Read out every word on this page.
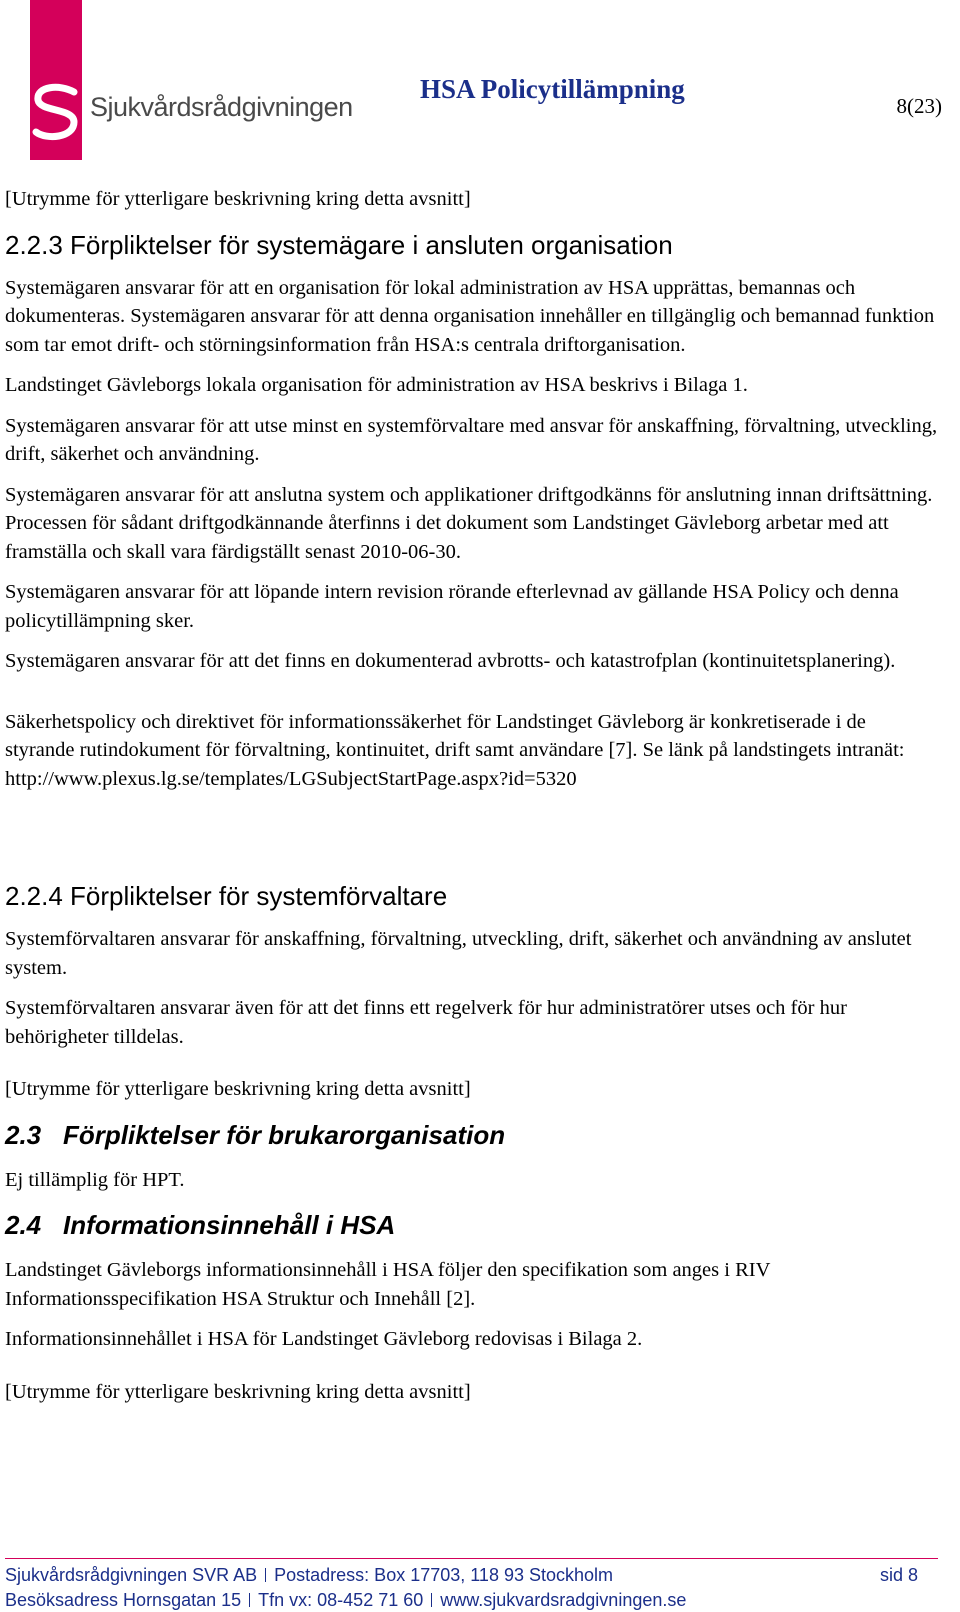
Sjukvårdsrådgivningen
HSA Policytillämpning
8(23)

[Utrymme för ytterligare beskrivning kring detta avsnitt]

2.2.3 Förpliktelser för systemägare i ansluten organisation

Systemägaren ansvarar för att en organisation för lokal administration av HSA upprättas, bemannas och dokumenteras. Systemägaren ansvarar för att denna organisation innehåller en tillgänglig och bemannad funktion som tar emot drift- och störningsinformation från HSA:s centrala driftorganisation.

Landstinget Gävleborgs lokala organisation för administration av HSA beskrivs i Bilaga 1.

Systemägaren ansvarar för att utse minst en systemförvaltare med ansvar för anskaffning, förvaltning, utveckling, drift, säkerhet och användning.

Systemägaren ansvarar för att anslutna system och applikationer driftgodkänns för anslutning innan driftsättning. Processen för sådant driftgodkännande återfinns i det dokument som Landstinget Gävleborg arbetar med att framställa och skall vara färdigställt senast 2010-06-30.

Systemägaren ansvarar för att löpande intern revision rörande efterlevnad av gällande HSA Policy och denna policytillämpning sker.

Systemägaren ansvarar för att det finns en dokumenterad avbrotts- och katastrofplan (kontinuitetsplanering).

Säkerhetspolicy och direktivet för informationssäkerhet för Landstinget Gävleborg är konkretiserade i de styrande rutindokument för förvaltning, kontinuitet, drift samt användare [7]. Se länk på landstingets intranät:

http://www.plexus.lg.se/templates/LGSubjectStartPage.aspx?id=5320

2.2.4 Förpliktelser för systemförvaltare

Systemförvaltaren ansvarar för anskaffning, förvaltning, utveckling, drift, säkerhet och användning av anslutet system.

Systemförvaltaren ansvarar även för att det finns ett regelverk för hur administratörer utses och för hur behörigheter tilldelas.

[Utrymme för ytterligare beskrivning kring detta avsnitt]

2.3 Förpliktelser för brukarorganisation

Ej tillämplig för HPT.

2.4 Informationsinnehåll i HSA

Landstinget Gävleborgs informationsinnehåll i HSA följer den specifikation som anges i RIV Informationsspecifikation HSA Struktur och Innehåll [2].

Informationsinnehållet i HSA för Landstinget Gävleborg redovisas i Bilaga 2.

[Utrymme för ytterligare beskrivning kring detta avsnitt]

Sjukvårdsrådgivningen SVR AB Postadress: Box 17703, 118 93 Stockholm	sid 8
Besöksadress Hornsgatan 15 Tfn vx: 08-452 71 60 www.sjukvardsradgivningen.se
